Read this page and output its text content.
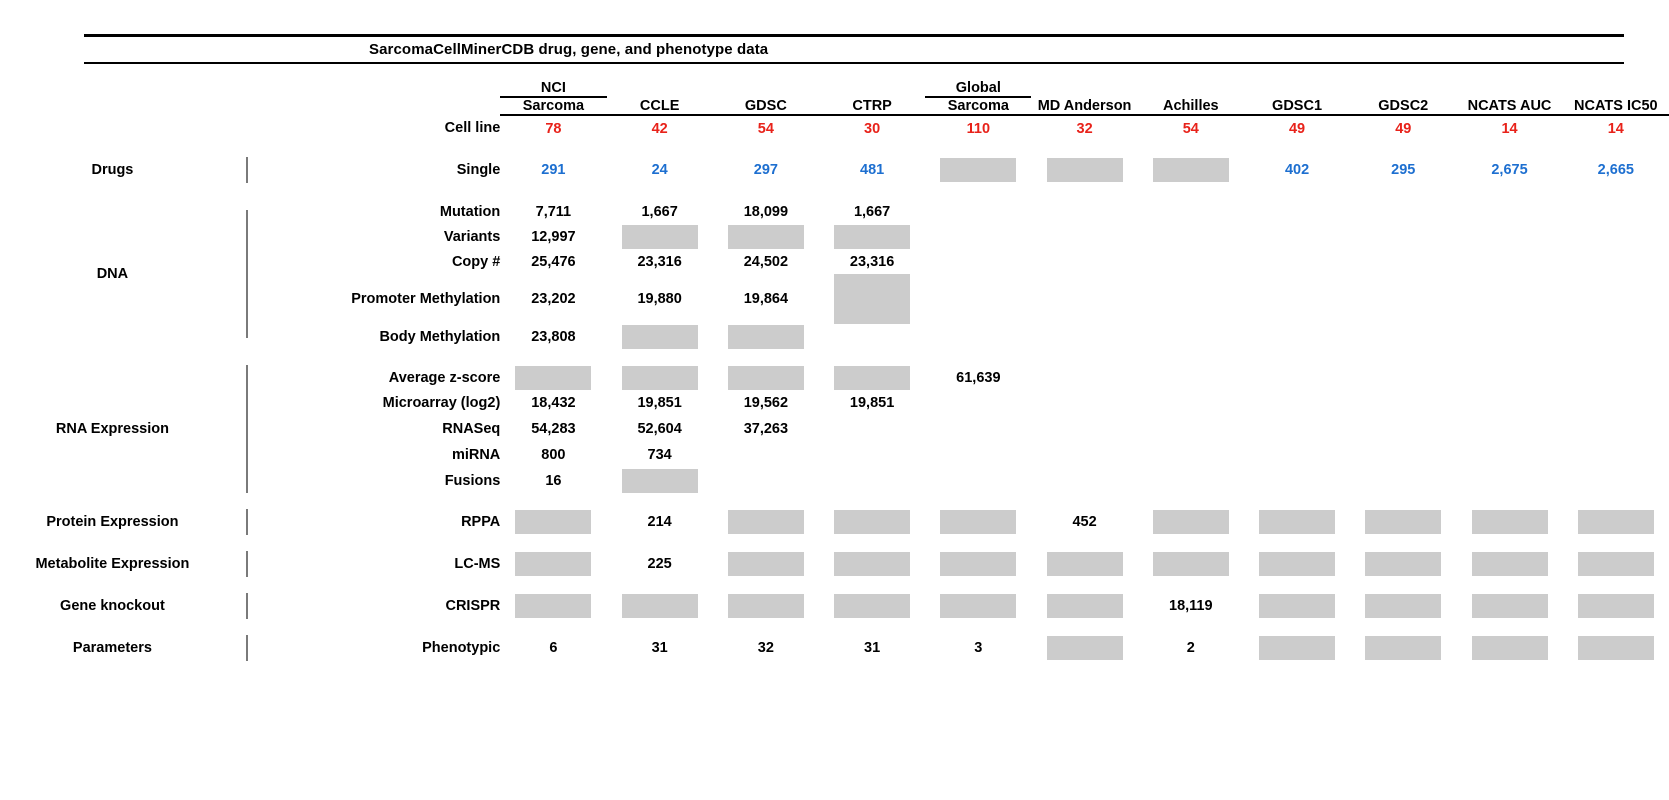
SarcomaCellMinerCDB drug, gene, and phenotype data
			NCI				Global						
			Sarcoma	CCLE	GDSC	CTRP	Sarcoma	MD Anderson	Achilles	GDSC1	GDSC2	NCATS AUC	NCATS IC50
		Cell line	78	42	54	30	110	32	54	49	49	14	14

Drugs		Single	291	24	297	481				402	295	2,675	2,665

DNA		Mutation	7,711	1,667	18,099	1,667							
		Variants	12,997								

		Copy #	25,476	23,316	24,502	23,316							
		Promoter Methylation	23,202	19,880	19,864								

		Body Methylation	23,808								

RNA Expression		Average z-score					61,639						
		Microarray (log2)	18,432	19,851	19,562	19,851							
		RNASeq	54,283	52,604	37,263								
		miRNA	800	734									
		Fusions	16										

Protein Expression		RPPA		214				452	

Metabolite Expression		LC-MS		225	

Gene knockout		CRISPR							18,119	

Parameters		Phenotypic	6	31	32	31	3		2	
